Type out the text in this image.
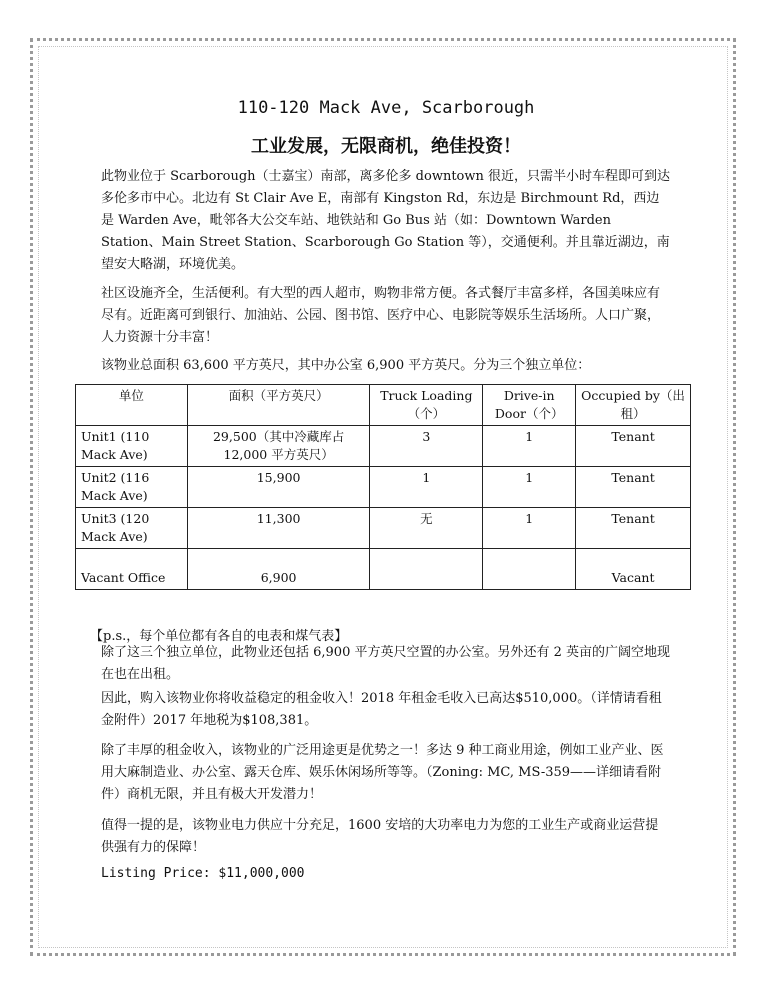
110-120 Mack Ave, Scarborough
工业发展，无限商机，绝佳投资！

此物业位于 Scarborough（士嘉宝）南部，离多伦多 downtown 很近，只需半小时车程即可到达多伦多市中心。北边有 St Clair Ave E，南部有 Kingston Rd，东边是 Birchmount Rd，西边是 Warden Ave，毗邻各大公交车站、地铁站和 Go Bus 站（如：Downtown Warden Station、Main Street Station、Scarborough Go Station 等），交通便利。并且靠近湖边，南望安大略湖，环境优美。

社区设施齐全，生活便利。有大型的西人超市，购物非常方便。各式餐厅丰富多样，各国美味应有尽有。近距离可到银行、加油站、公园、图书馆、医疗中心、电影院等娱乐生活场所。人口广聚，人力资源十分丰富！

该物业总面积 63,600 平方英尺，其中办公室 6,900 平方英尺。分为三个独立单位：

单位	面积（平方英尺）	Truck Loading（个）	Drive-in Door（个）	Occupied by（出租）
Unit1 (110 Mack Ave)	29,500（其中冷藏库占 12,000 平方英尺）	3	1	Tenant
Unit2 (116 Mack Ave)	15,900	1	1	Tenant
Unit3 (120 Mack Ave)	11,300	无	1	Tenant
Vacant Office	6,900			Vacant
【p.s.，每个单位都有各自的电表和煤气表】

除了这三个独立单位，此物业还包括 6,900 平方英尺空置的办公室。另外还有 2 英亩的广阔空地现在也在出租。

因此，购入该物业你将收益稳定的租金收入！2018 年租金毛收入已高达$510,000。（详情请看租金附件）2017 年地税为$108,381。

除了丰厚的租金收入，该物业的广泛用途更是优势之一！多达 9 种工商业用途，例如工业产业、医用大麻制造业、办公室、露天仓库、娱乐休闲场所等等。（Zoning: MC, MS-359——详细请看附件）商机无限，并且有极大开发潜力！

值得一提的是，该物业电力供应十分充足，1600 安培的大功率电力为您的工业生产或商业运营提供强有力的保障！

Listing Price: $11,000,000
